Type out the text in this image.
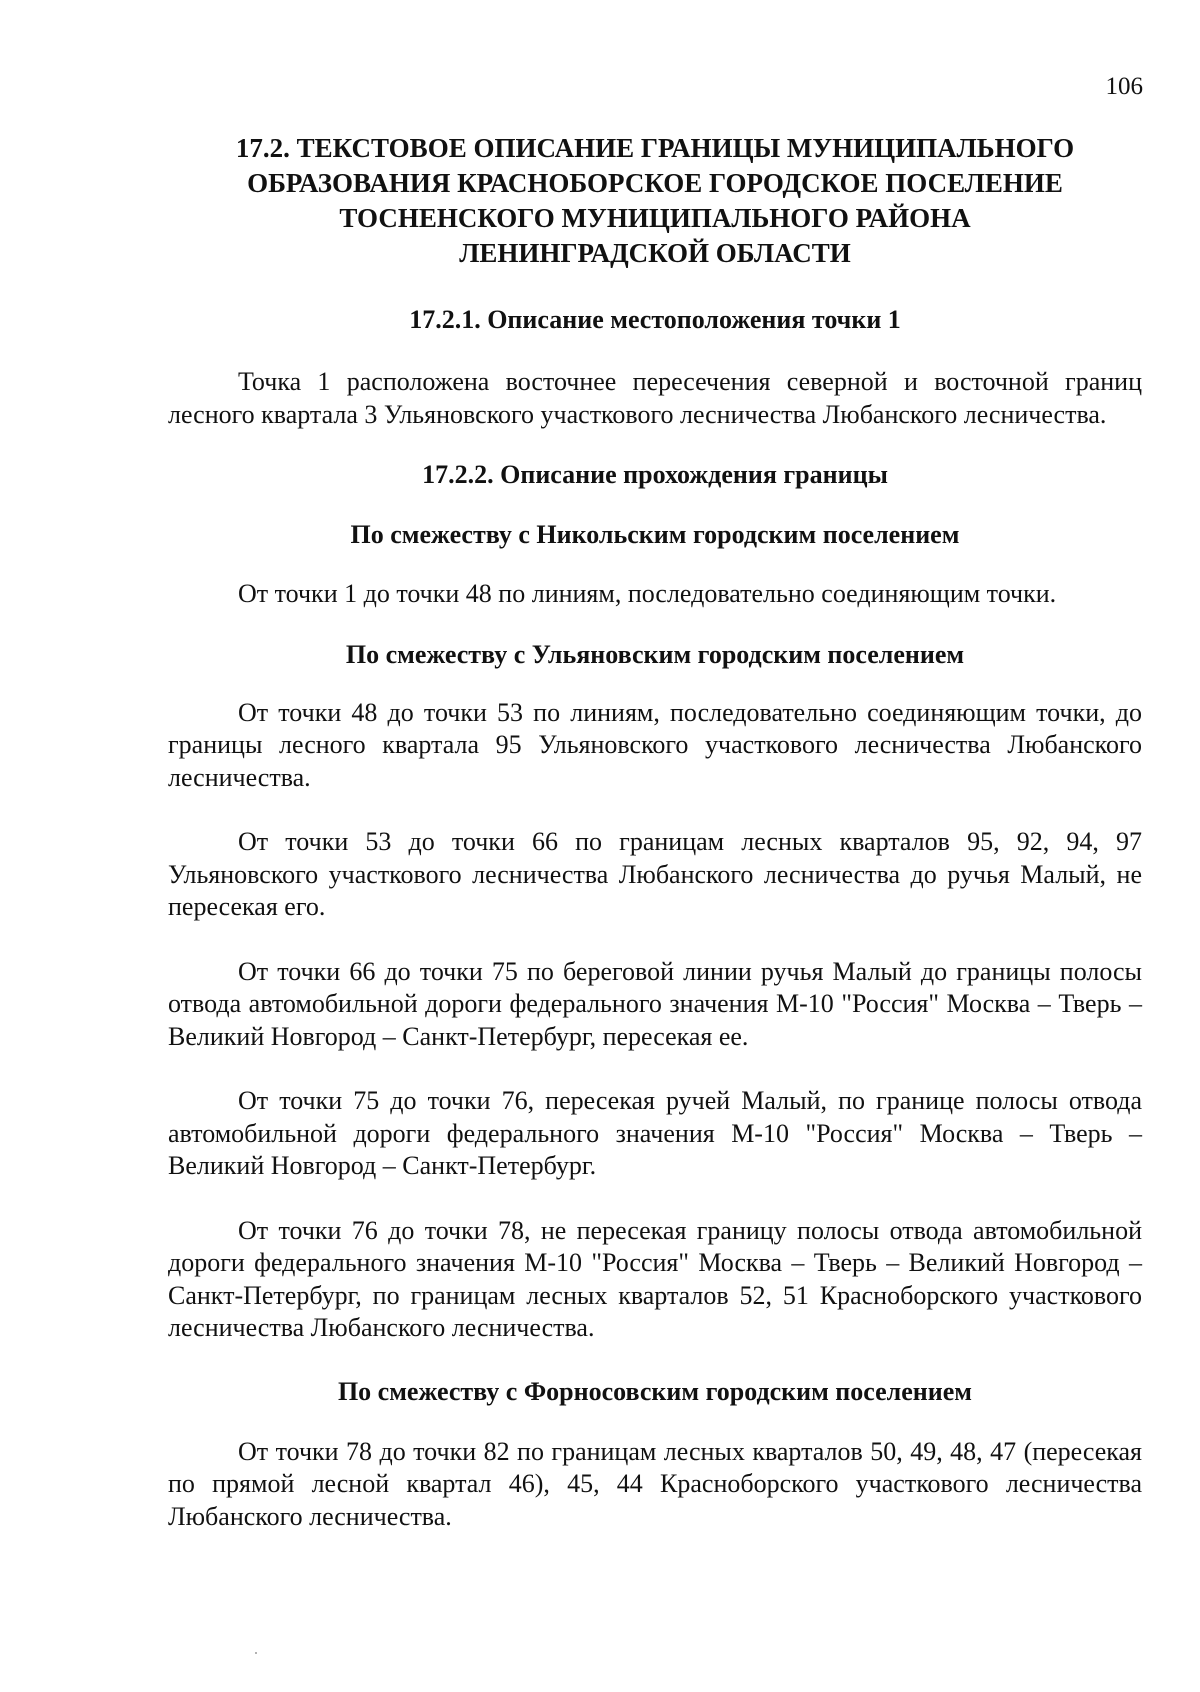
106
17.2. ТЕКСТОВОЕ ОПИСАНИЕ ГРАНИЦЫ МУНИЦИПАЛЬНОГО
ОБРАЗОВАНИЯ КРАСНОБОРСКОЕ ГОРОДСКОЕ ПОСЕЛЕНИЕ
ТОСНЕНСКОГО МУНИЦИПАЛЬНОГО РАЙОНА
ЛЕНИНГРАДСКОЙ ОБЛАСТИ
17.2.1. Описание местоположения точки 1

Точка 1 расположена восточнее пересечения северной и восточной границ лесного квартала 3 Ульяновского участкового лесничества Любанского лесничества.

17.2.2. Описание прохождения границы
По смежеству с Никольским городским поселением

От точки 1 до точки 48 по линиям, последовательно соединяющим точки.

По смежеству с Ульяновским городским поселением

От точки 48 до точки 53 по линиям, последовательно соединяющим точки, до границы лесного квартала 95 Ульяновского участкового лесничества Любанского лесничества.

От точки 53 до точки 66 по границам лесных кварталов 95, 92, 94, 97 Ульяновского участкового лесничества Любанского лесничества до ручья Малый, не пересекая его.

От точки 66 до точки 75 по береговой линии ручья Малый до границы полосы отвода автомобильной дороги федерального значения М-10 "Россия" Москва – Тверь – Великий Новгород – Санкт-Петербург, пересекая ее.

От точки 75 до точки 76, пересекая ручей Малый, по границе полосы отвода автомобильной дороги федерального значения М-10 "Россия" Москва – Тверь – Великий Новгород – Санкт-Петербург.

От точки 76 до точки 78, не пересекая границу полосы отвода автомобильной дороги федерального значения М-10 "Россия" Москва – Тверь – Великий Новгород – Санкт-Петербург, по границам лесных кварталов 52, 51 Красноборского участкового лесничества Любанского лесничества.

По смежеству с Форносовским городским поселением

От точки 78 до точки 82 по границам лесных кварталов 50, 49, 48, 47 (пересекая по прямой лесной квартал 46), 45, 44 Красноборского участкового лесничества Любанского лесничества.
